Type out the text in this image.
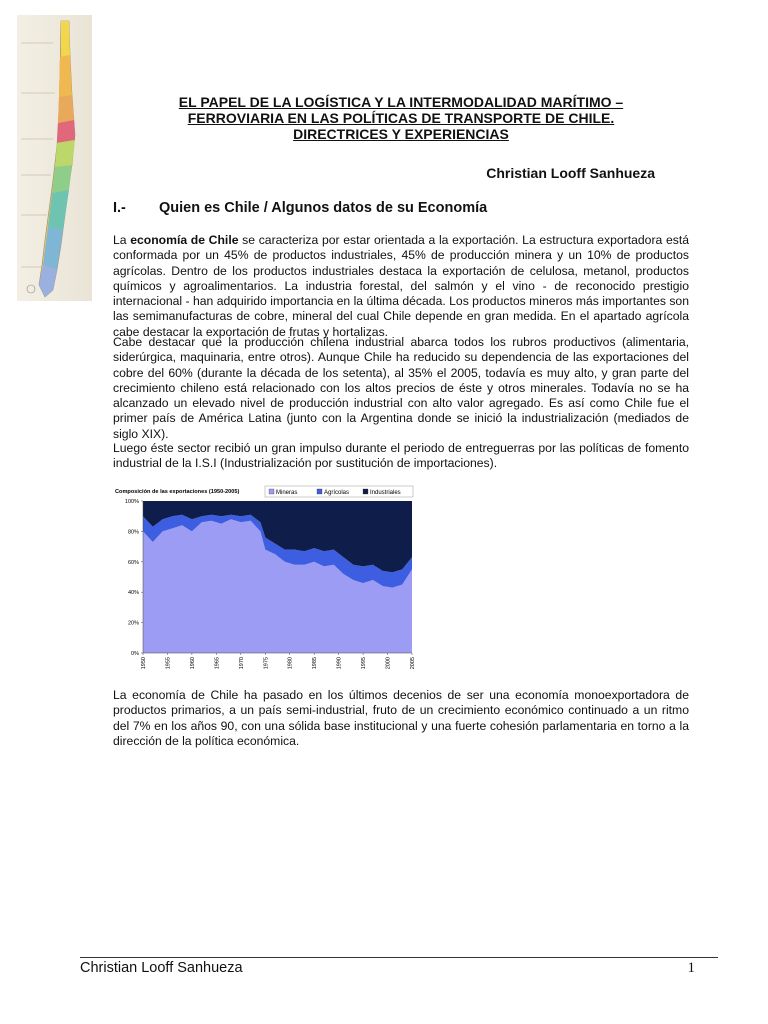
EL PAPEL DE LA LOGÍSTICA Y LA INTERMODALIDAD MARÍTIMO –
FERROVIARIA EN LAS POLÍTICAS DE TRANSPORTE DE CHILE.
DIRECTRICES Y EXPERIENCIAS
Christian Looff Sanhueza
I.- Quien es Chile / Algunos datos de su Economía
La economía de Chile se caracteriza por estar orientada a la exportación. La estructura exportadora está conformada por un 45% de productos industriales, 45% de producción minera y un 10% de productos agrícolas. Dentro de los productos industriales destaca la exportación de celulosa, metanol, productos químicos y agroalimentarios. La industria forestal, del salmón y el vino - de reconocido prestigio internacional - han adquirido importancia en la última década. Los productos mineros más importantes son las semimanufacturas de cobre, mineral del cual Chile depende en gran medida. En el apartado agrícola cabe destacar la exportación de frutas y hortalizas.
Cabe destacar que la producción chilena industrial abarca todos los rubros productivos (alimentaria, siderúrgica, maquinaria, entre otros). Aunque Chile ha reducido su dependencia de las exportaciones del cobre del 60% (durante la década de los setenta), al 35% el 2005, todavía es muy alto, y gran parte del crecimiento chileno está relacionado con los altos precios de éste y otros minerales. Todavía no se ha alcanzado un elevado nivel de producción industrial con alto valor agregado. Es así como Chile fue el primer país de América Latina (junto con la Argentina donde se inició la industrialización (mediados de siglo XIX).
Luego éste sector recibió un gran impulso durante el periodo de entreguerras por las políticas de fomento industrial de la I.S.I (Industrialización por sustitución de importaciones).
Composición de las exportaciones (1950-2005)	Mineras	Agrícolas	Industriales
100%
80%
60%
40%
20%
0%
1950	1955	1960	1965	1970	1975	1980	1985	1990	1995	2000	2005
La economía de Chile ha pasado en los últimos decenios de ser una economía monoexportadora de productos primarios, a un país semi-industrial, fruto de un crecimiento económico continuado a un ritmo del 7% en los años 90, con una sólida base institucional y una fuerte cohesión parlamentaria en torno a la dirección de la política económica.
Christian Looff Sanhueza	1
